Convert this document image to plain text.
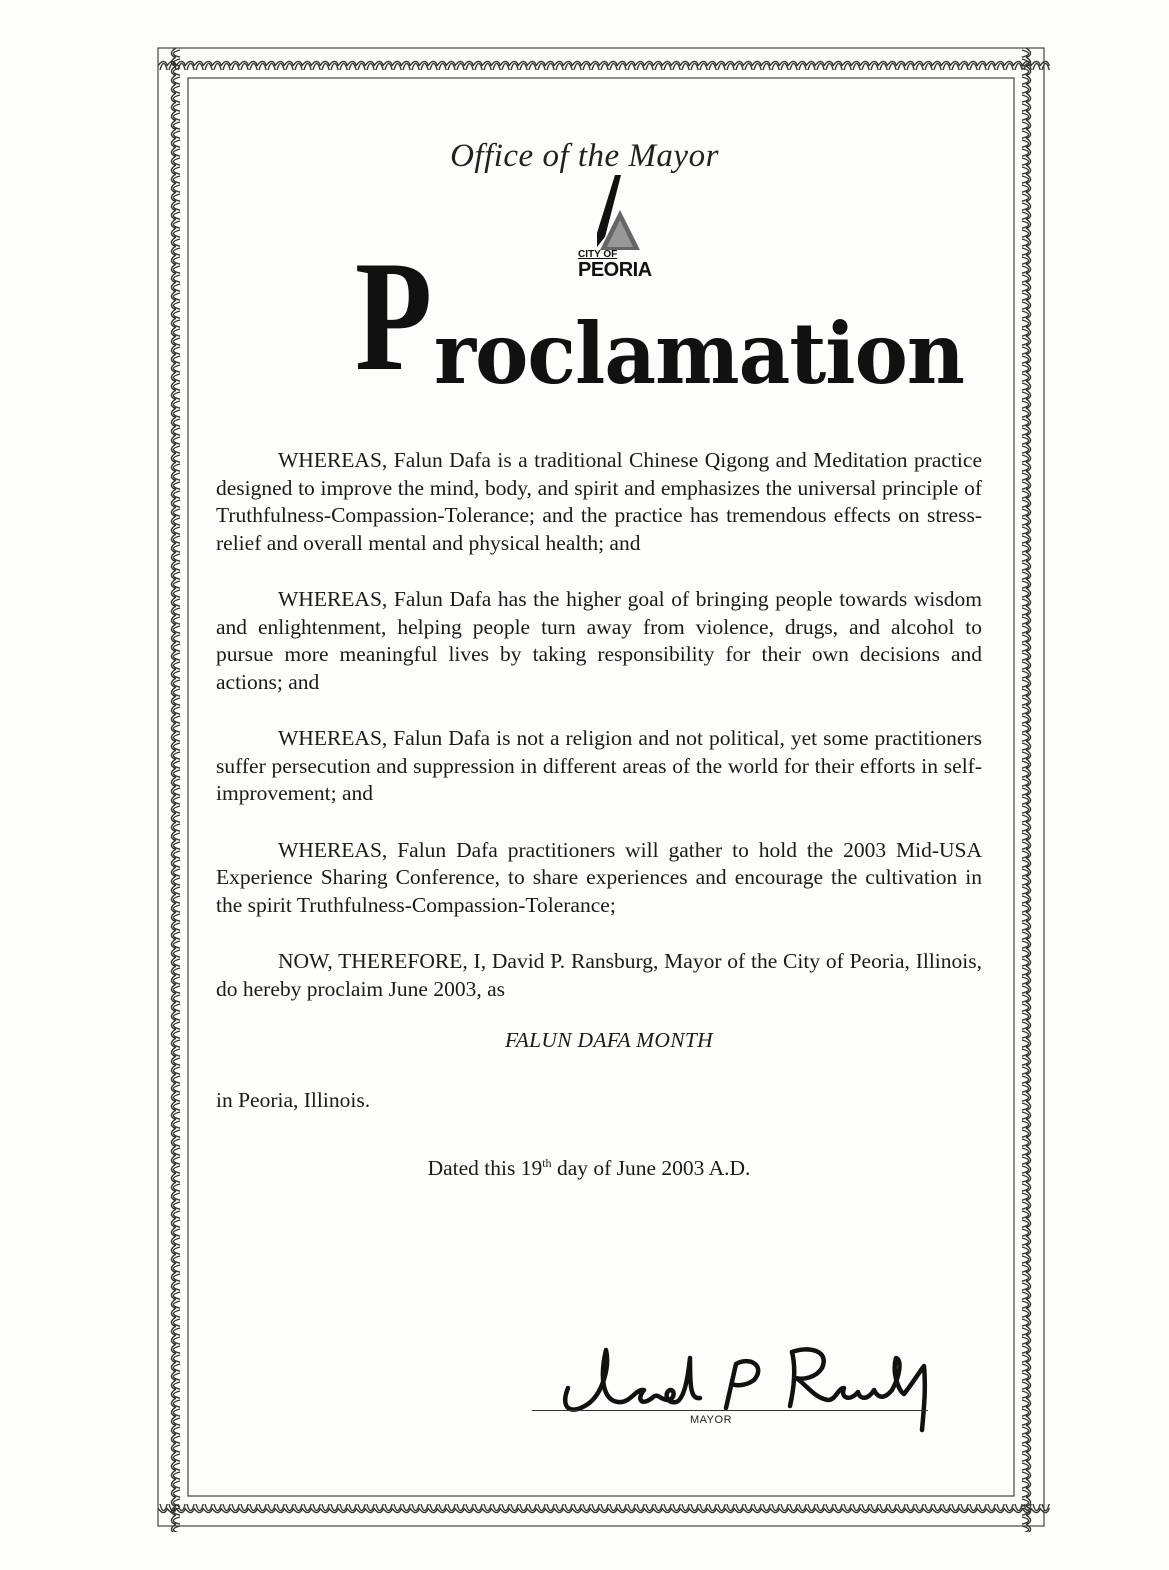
Office of the Mayor
CITY OF
PEORIA
Proclamation

WHEREAS, Falun Dafa is a traditional Chinese Qigong and Meditation practice designed to improve the mind, body, and spirit and emphasizes the universal principle of Truthfulness-Compassion-Tolerance; and the practice has tremendous effects on stress-relief and overall mental and physical health; and

WHEREAS, Falun Dafa has the higher goal of bringing people towards wisdom and enlightenment, helping people turn away from violence, drugs, and alcohol to pursue more meaningful lives by taking responsibility for their own decisions and actions; and

WHEREAS, Falun Dafa is not a religion and not political, yet some practitioners suffer persecution and suppression in different areas of the world for their efforts in self-improvement; and

WHEREAS, Falun Dafa practitioners will gather to hold the 2003 Mid-USA Experience Sharing Conference, to share experiences and encourage the cultivation in the spirit Truthfulness-Compassion-Tolerance;

NOW, THEREFORE, I, David P. Ransburg, Mayor of the City of Peoria, Illinois, do hereby proclaim June 2003, as

FALUN DAFA MONTH

in Peoria, Illinois.

Dated this 19th day of June 2003 A.D.

MAYOR
